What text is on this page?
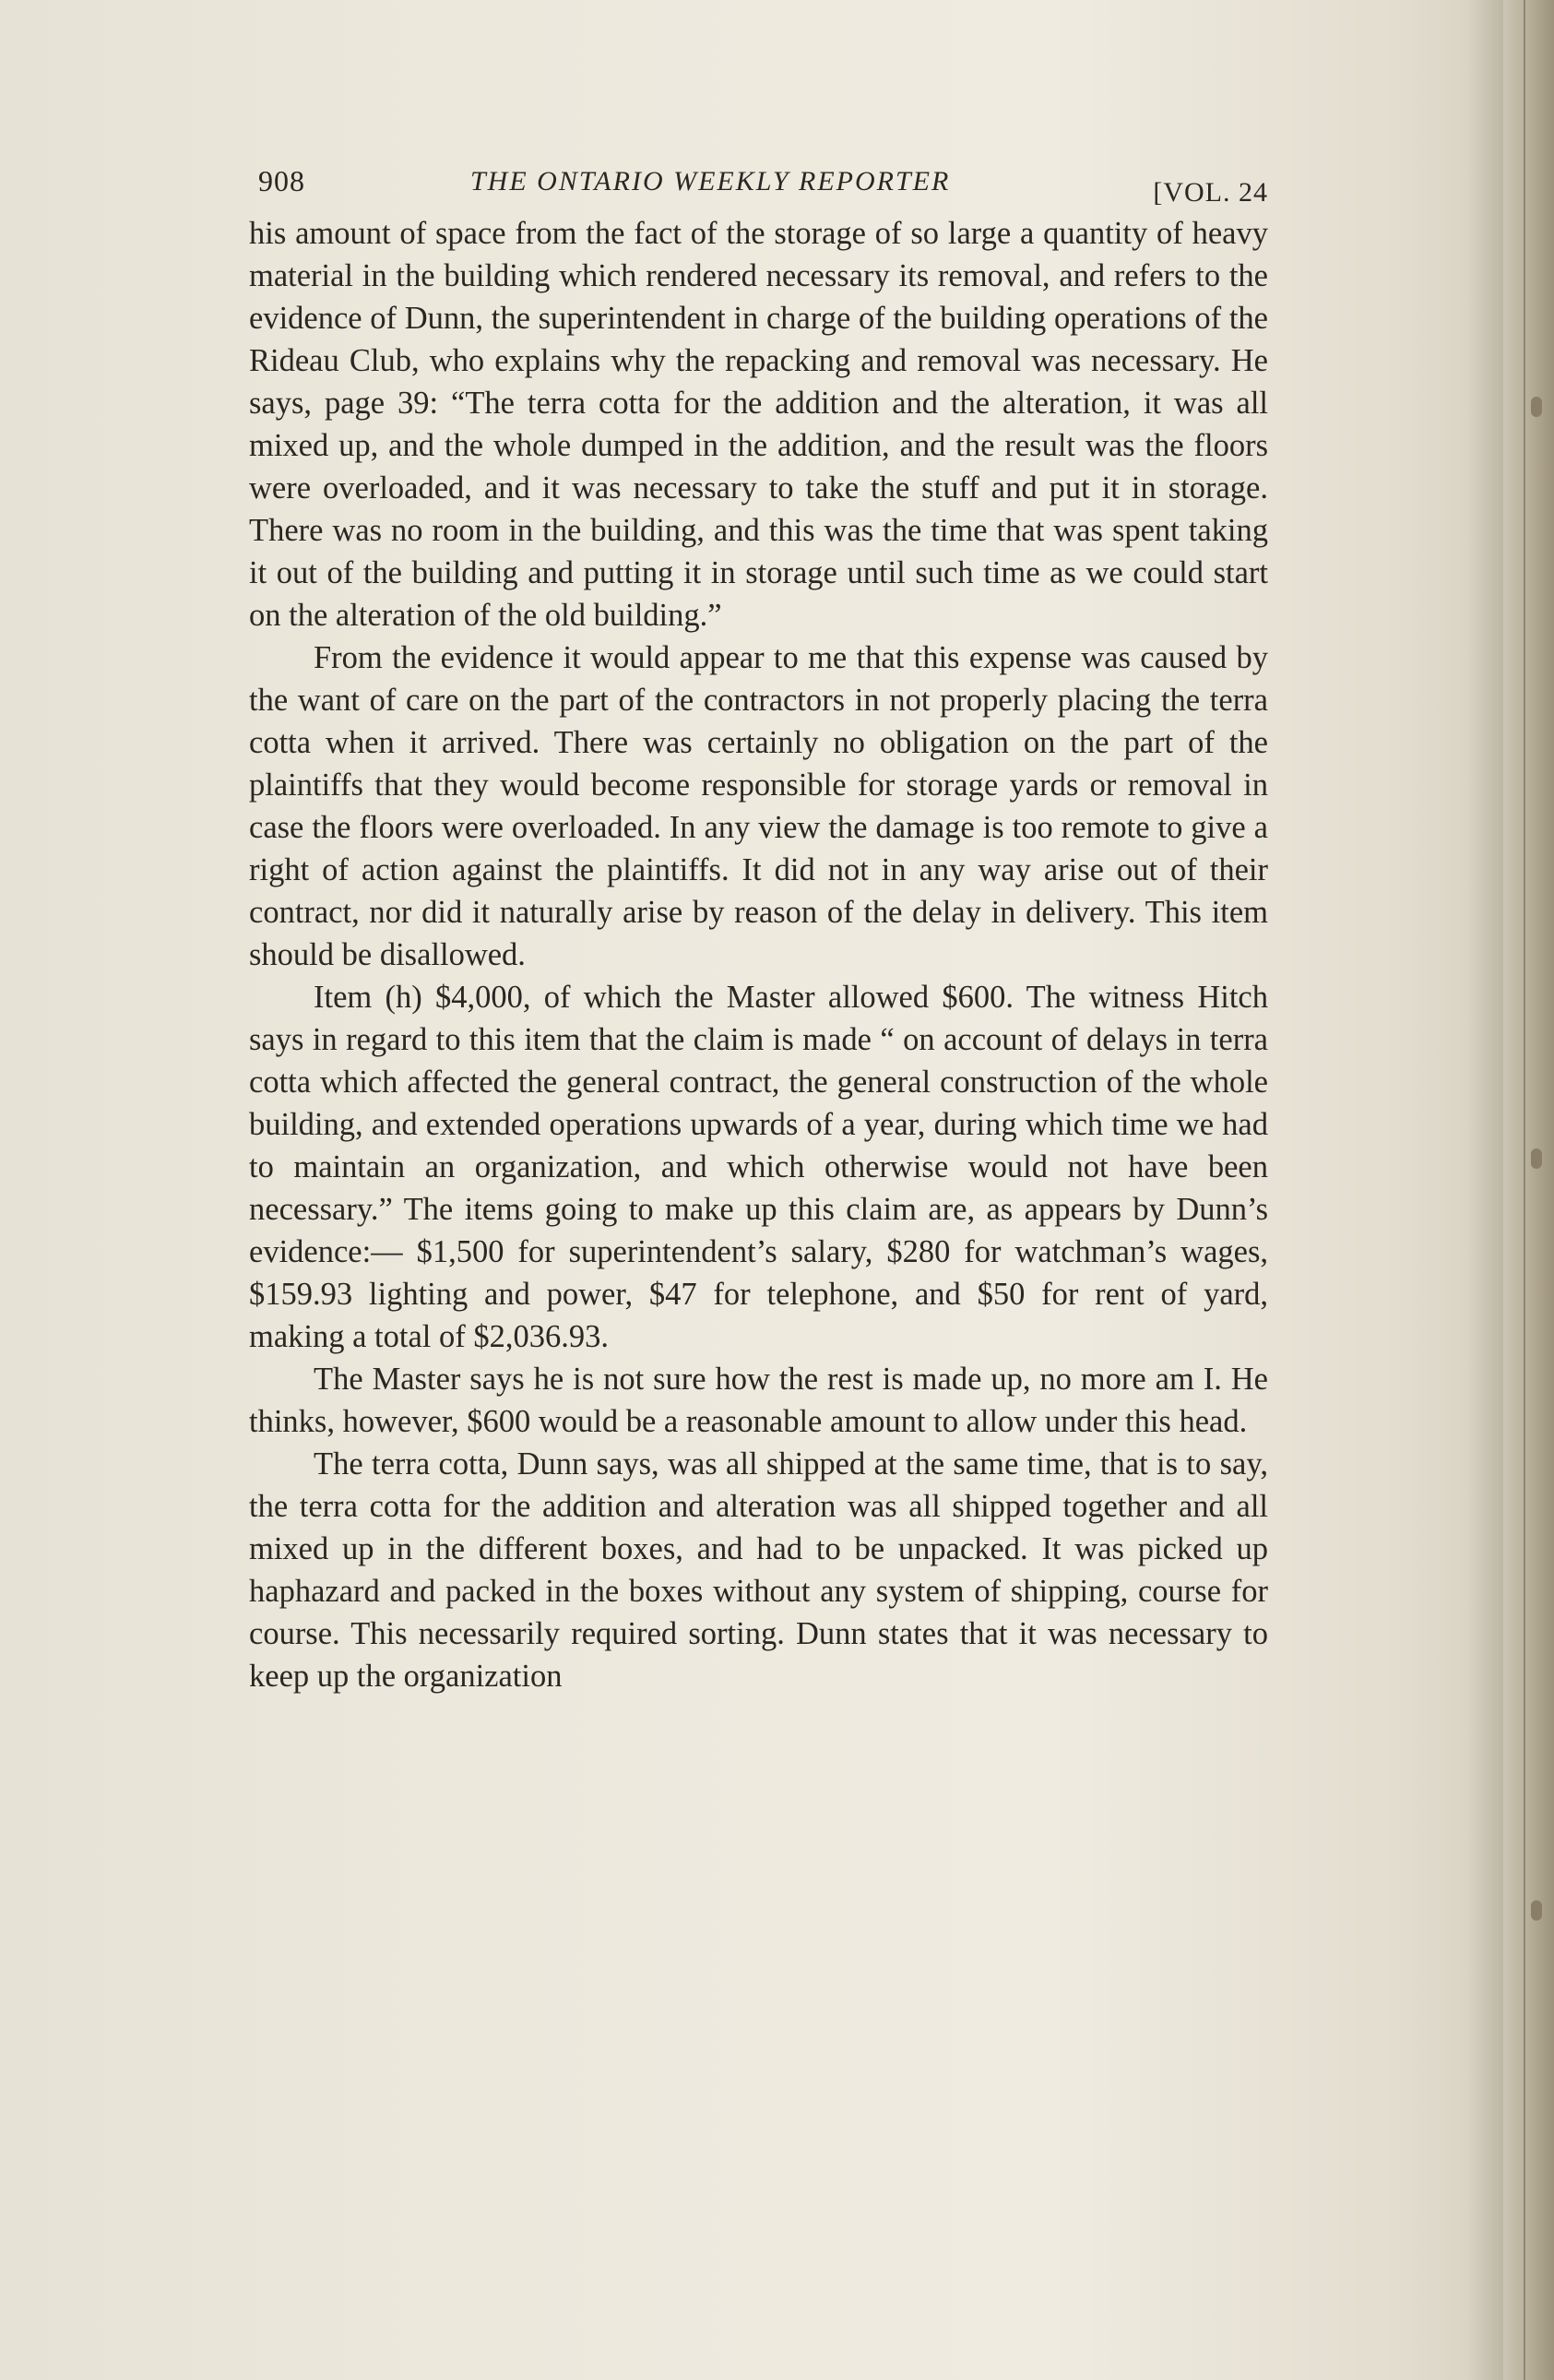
908	THE ONTARIO WEEKLY REPORTER	[VOL. 24

his amount of space from the fact of the storage of so large a quantity of heavy material in the building which rendered necessary its removal, and refers to the evidence of Dunn, the superintendent in charge of the building operations of the Rideau Club, who explains why the repacking and removal was necessary. He says, page 39: “The terra cotta for the addition and the alteration, it was all mixed up, and the whole dumped in the addition, and the result was the floors were overloaded, and it was necessary to take the stuff and put it in storage. There was no room in the building, and this was the time that was spent taking it out of the building and putting it in storage until such time as we could start on the alteration of the old building.”

From the evidence it would appear to me that this expense was caused by the want of care on the part of the contractors in not properly placing the terra cotta when it arrived. There was certainly no obligation on the part of the plaintiffs that they would become responsible for storage yards or removal in case the floors were overloaded. In any view the damage is too remote to give a right of action against the plaintiffs. It did not in any way arise out of their contract, nor did it naturally arise by reason of the delay in delivery. This item should be disallowed.

Item (h) $4,000, of which the Master allowed $600. The witness Hitch says in regard to this item that the claim is made “ on account of delays in terra cotta which affected the general contract, the general construction of the whole building, and extended operations upwards of a year, during which time we had to maintain an organization, and which otherwise would not have been necessary.” The items going to make up this claim are, as appears by Dunn’s evidence:— $1,500 for superintendent’s salary, $280 for watchman’s wages, $159.93 lighting and power, $47 for telephone, and $50 for rent of yard, making a total of $2,036.93.

The Master says he is not sure how the rest is made up, no more am I. He thinks, however, $600 would be a reasonable amount to allow under this head.

The terra cotta, Dunn says, was all shipped at the same time, that is to say, the terra cotta for the addition and alteration was all shipped together and all mixed up in the different boxes, and had to be unpacked. It was picked up haphazard and packed in the boxes without any system of shipping, course for course. This necessarily required sorting. Dunn states that it was necessary to keep up the organization
